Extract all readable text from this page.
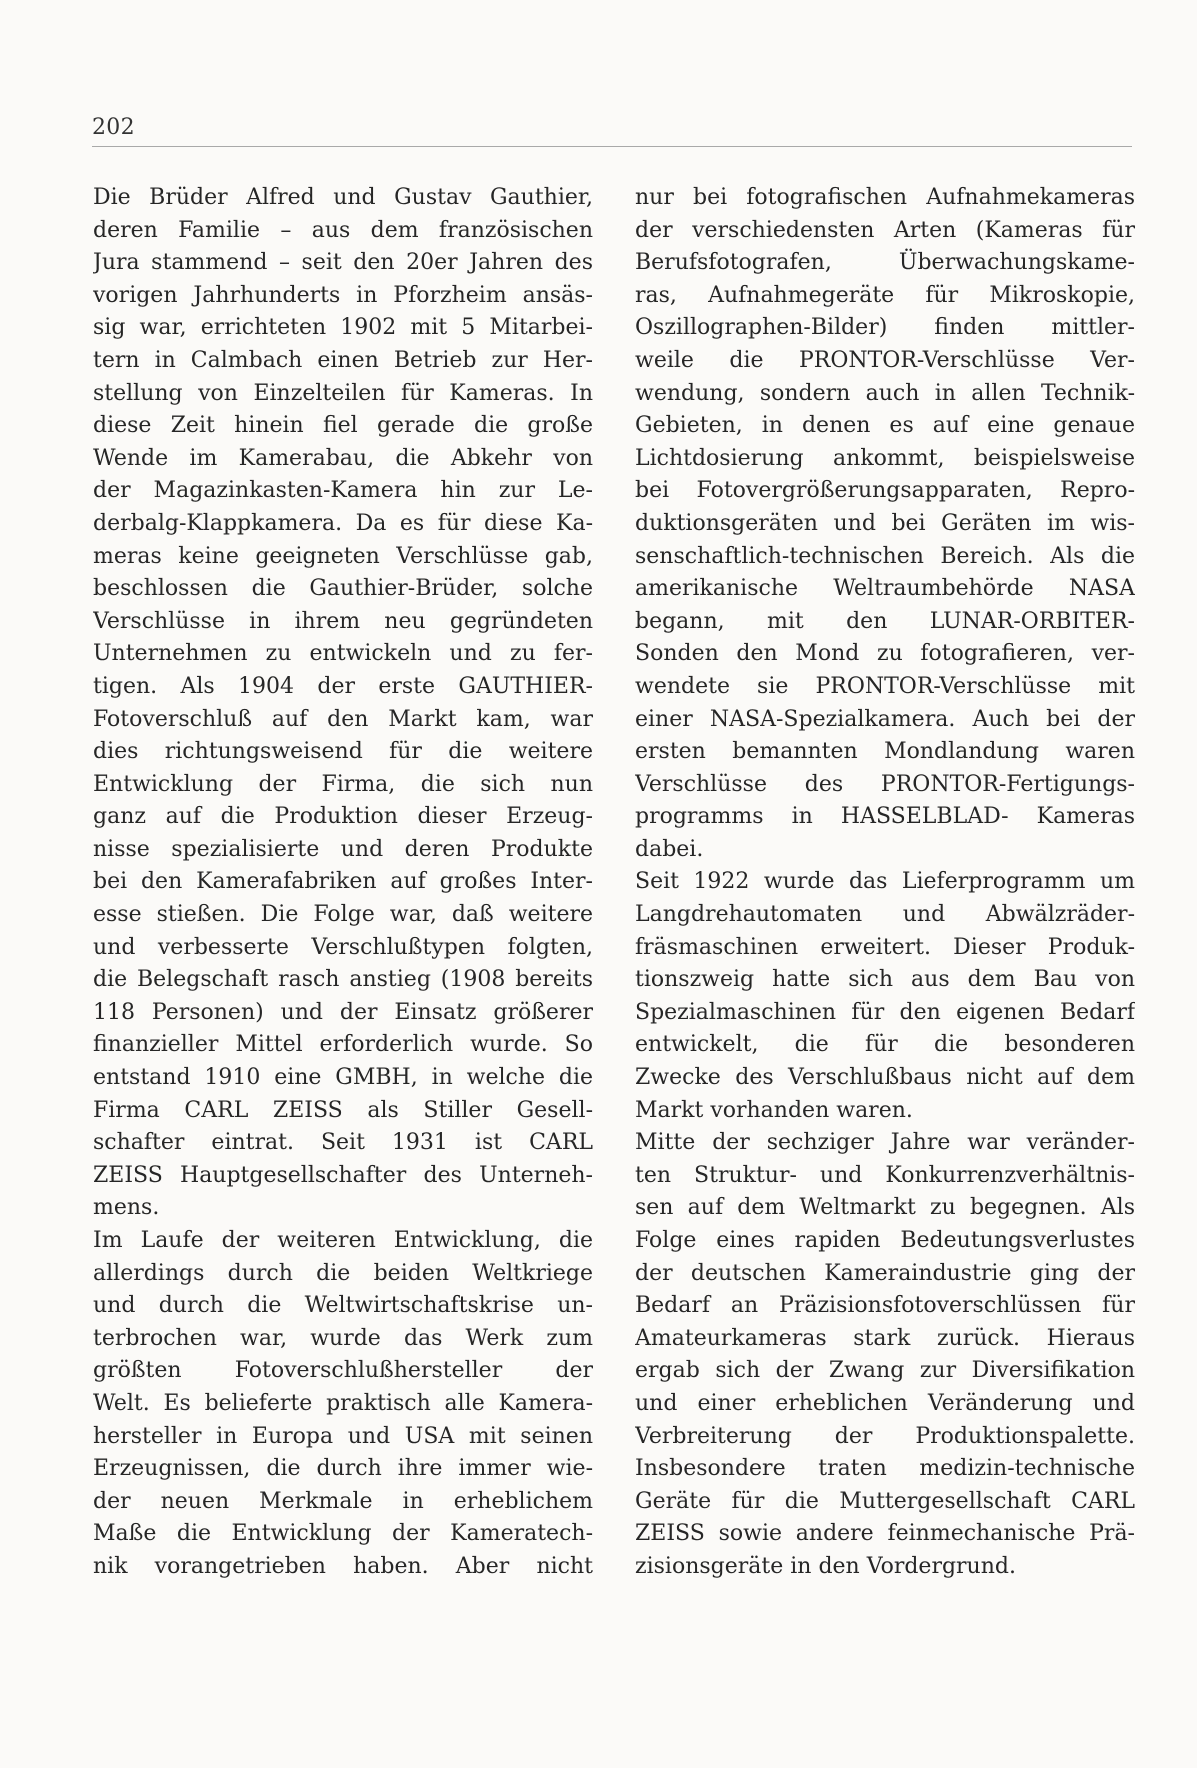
202
Die Brüder Alfred und Gustav Gauthier,
deren Familie – aus dem französischen
Jura stammend – seit den 20er Jahren des
vorigen Jahrhunderts in Pforzheim ansäs-
sig war, errichteten 1902 mit 5 Mitarbei-
tern in Calmbach einen Betrieb zur Her-
stellung von Einzelteilen für Kameras. In
diese Zeit hinein fiel gerade die große
Wende im Kamerabau, die Abkehr von
der Magazinkasten-Kamera hin zur Le-
derbalg-Klappkamera. Da es für diese Ka-
meras keine geeigneten Verschlüsse gab,
beschlossen die Gauthier-Brüder, solche
Verschlüsse in ihrem neu gegründeten
Unternehmen zu entwickeln und zu fer-
tigen. Als 1904 der erste GAUTHIER-
Fotoverschluß auf den Markt kam, war
dies richtungsweisend für die weitere
Entwicklung der Firma, die sich nun
ganz auf die Produktion dieser Erzeug-
nisse spezialisierte und deren Produkte
bei den Kamerafabriken auf großes Inter-
esse stießen. Die Folge war, daß weitere
und verbesserte Verschlußtypen folgten,
die Belegschaft rasch anstieg (1908 bereits
118 Personen) und der Einsatz größerer
finanzieller Mittel erforderlich wurde. So
entstand 1910 eine GMBH, in welche die
Firma CARL ZEISS als Stiller Gesell-
schafter eintrat. Seit 1931 ist CARL
ZEISS Hauptgesellschafter des Unterneh-
mens.
Im Laufe der weiteren Entwicklung, die
allerdings durch die beiden Weltkriege
und durch die Weltwirtschaftskrise un-
terbrochen war, wurde das Werk zum
größten Fotoverschlußhersteller der
Welt. Es belieferte praktisch alle Kamera-
hersteller in Europa und USA mit seinen
Erzeugnissen, die durch ihre immer wie-
der neuen Merkmale in erheblichem
Maße die Entwicklung der Kameratech-
nik vorangetrieben haben. Aber nicht
nur bei fotografischen Aufnahmekameras
der verschiedensten Arten (Kameras für
Berufsfotografen, Überwachungskame-
ras, Aufnahmegeräte für Mikroskopie,
Oszillographen-Bilder) finden mittler-
weile die PRONTOR-Verschlüsse Ver-
wendung, sondern auch in allen Technik-
Gebieten, in denen es auf eine genaue
Lichtdosierung ankommt, beispielsweise
bei Fotovergrößerungsapparaten, Repro-
duktionsgeräten und bei Geräten im wis-
senschaftlich-technischen Bereich. Als die
amerikanische Weltraumbehörde NASA
begann, mit den LUNAR-ORBITER-
Sonden den Mond zu fotografieren, ver-
wendete sie PRONTOR-Verschlüsse mit
einer NASA-Spezialkamera. Auch bei der
ersten bemannten Mondlandung waren
Verschlüsse des PRONTOR-Fertigungs-
programms in HASSELBLAD- Kameras
dabei.
Seit 1922 wurde das Lieferprogramm um
Langdrehautomaten und Abwälzräder-
fräsmaschinen erweitert. Dieser Produk-
tionszweig hatte sich aus dem Bau von
Spezialmaschinen für den eigenen Bedarf
entwickelt, die für die besonderen
Zwecke des Verschlußbaus nicht auf dem
Markt vorhanden waren.
Mitte der sechziger Jahre war veränder-
ten Struktur- und Konkurrenzverhältnis-
sen auf dem Weltmarkt zu begegnen. Als
Folge eines rapiden Bedeutungsverlustes
der deutschen Kameraindustrie ging der
Bedarf an Präzisionsfotoverschlüssen für
Amateurkameras stark zurück. Hieraus
ergab sich der Zwang zur Diversifikation
und einer erheblichen Veränderung und
Verbreiterung der Produktionspalette.
Insbesondere traten medizin-technische
Geräte für die Muttergesellschaft CARL
ZEISS sowie andere feinmechanische Prä-
zisionsgeräte in den Vordergrund.
